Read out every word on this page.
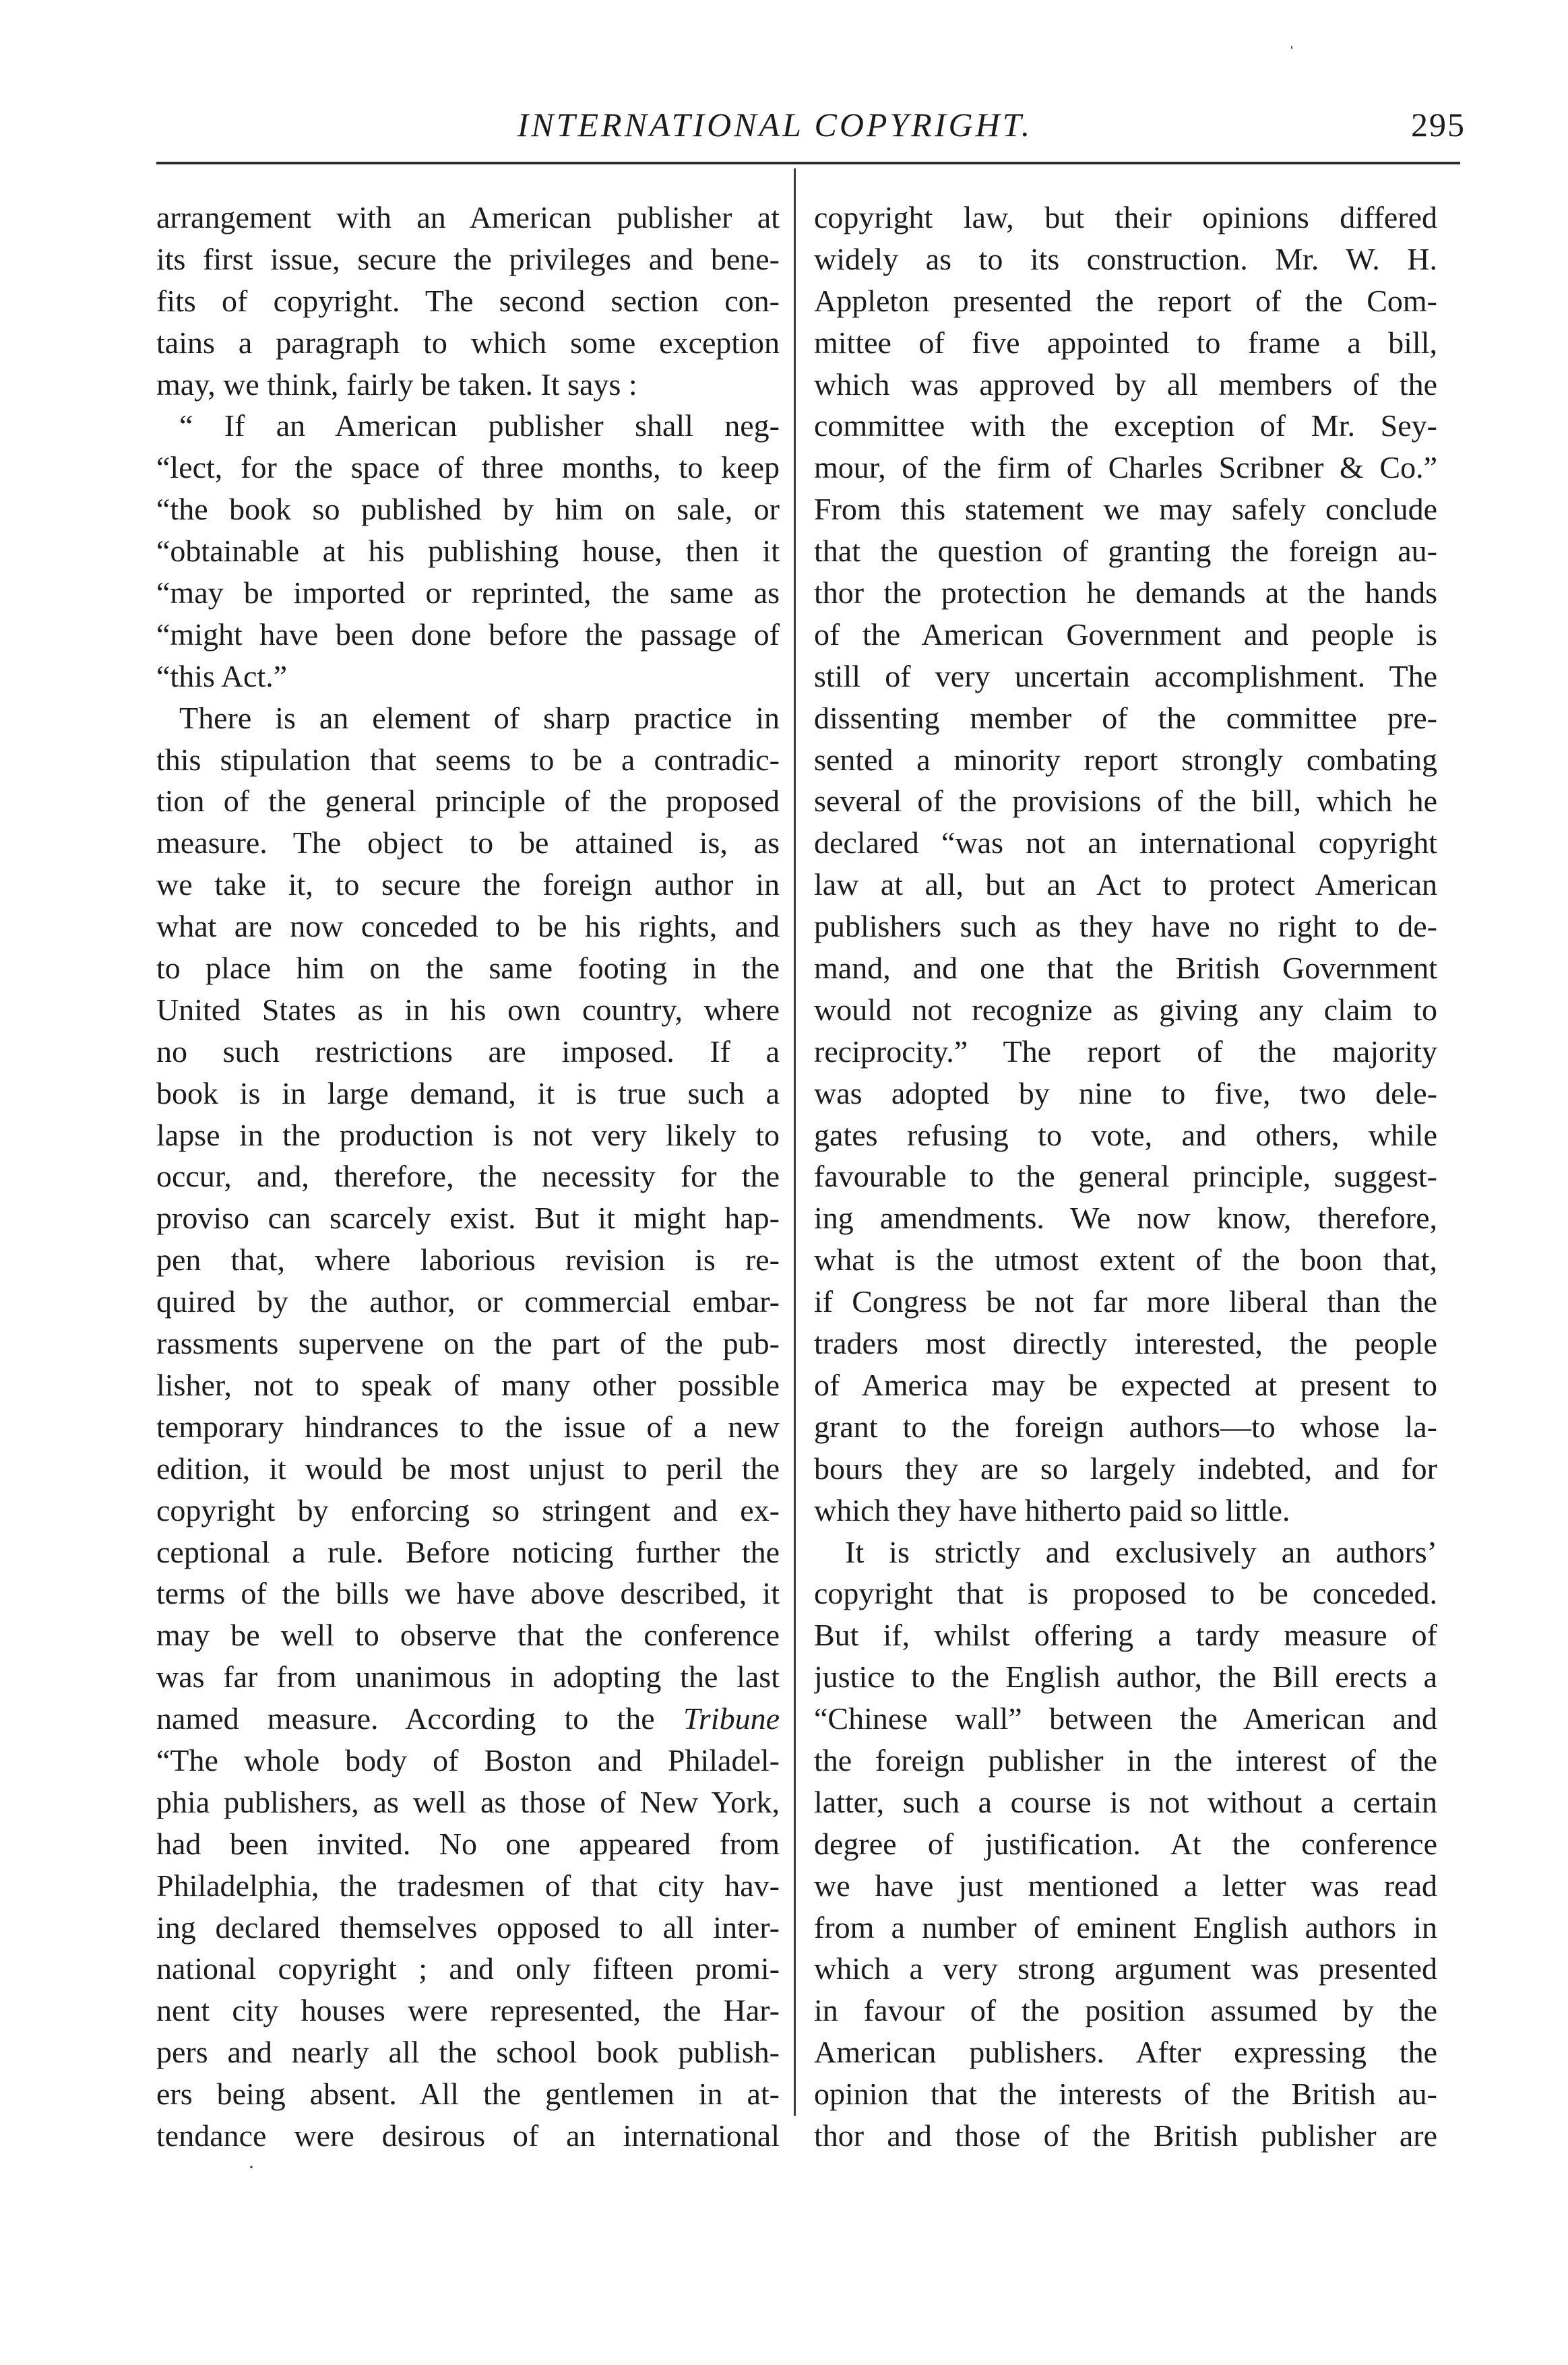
ˌ
INTERNATIONAL COPYRIGHT.	295
arrangement with an American publisher at
its first issue, secure the privileges and bene-
fits of copyright. The second section con-
tains a paragraph to which some exception
may, we think, fairly be taken. It says :
“ If an American publisher shall neg-
“lect, for the space of three months, to keep
“the book so published by him on sale, or
“obtainable at his publishing house, then it
“may be imported or reprinted, the same as
“might have been done before the passage of
“this Act.”
There is an element of sharp practice in
this stipulation that seems to be a contradic-
tion of the general principle of the proposed
measure. The object to be attained is, as
we take it, to secure the foreign author in
what are now conceded to be his rights, and
to place him on the same footing in the
United States as in his own country, where
no such restrictions are imposed. If a
book is in large demand, it is true such a
lapse in the production is not very likely to
occur, and, therefore, the necessity for the
proviso can scarcely exist. But it might hap-
pen that, where laborious revision is re-
quired by the author, or commercial embar-
rassments supervene on the part of the pub-
lisher, not to speak of many other possible
temporary hindrances to the issue of a new
edition, it would be most unjust to peril the
copyright by enforcing so stringent and ex-
ceptional a rule. Before noticing further the
terms of the bills we have above described, it
may be well to observe that the conference
was far from unanimous in adopting the last
named measure. According to the Tribune
“The whole body of Boston and Philadel-
phia publishers, as well as those of New York,
had been invited. No one appeared from
Philadelphia, the tradesmen of that city hav-
ing declared themselves opposed to all inter-
national copyright ; and only fifteen promi-
nent city houses were represented, the Har-
pers and nearly all the school book publish-
ers being absent. All the gentlemen in at-
tendance were desirous of an international
copyright law, but their opinions differed
widely as to its construction. Mr. W. H.
Appleton presented the report of the Com-
mittee of five appointed to frame a bill,
which was approved by all members of the
committee with the exception of Mr. Sey-
mour, of the firm of Charles Scribner & Co.”
From this statement we may safely conclude
that the question of granting the foreign au-
thor the protection he demands at the hands
of the American Government and people is
still of very uncertain accomplishment. The
dissenting member of the committee pre-
sented a minority report strongly combating
several of the provisions of the bill, which he
declared “was not an international copyright
law at all, but an Act to protect American
publishers such as they have no right to de-
mand, and one that the British Government
would not recognize as giving any claim to
reciprocity.” The report of the majority
was adopted by nine to five, two dele-
gates refusing to vote, and others, while
favourable to the general principle, suggest-
ing amendments. We now know, therefore,
what is the utmost extent of the boon that,
if Congress be not far more liberal than the
traders most directly interested, the people
of America may be expected at present to
grant to the foreign authors—to whose la-
bours they are so largely indebted, and for
which they have hitherto paid so little.
It is strictly and exclusively an authors’
copyright that is proposed to be conceded.
But if, whilst offering a tardy measure of
justice to the English author, the Bill erects a
“Chinese wall” between the American and
the foreign publisher in the interest of the
latter, such a course is not without a certain
degree of justification. At the conference
we have just mentioned a letter was read
from a number of eminent English authors in
which a very strong argument was presented
in favour of the position assumed by the
American publishers. After expressing the
opinion that the interests of the British au-
thor and those of the British publisher are
·
